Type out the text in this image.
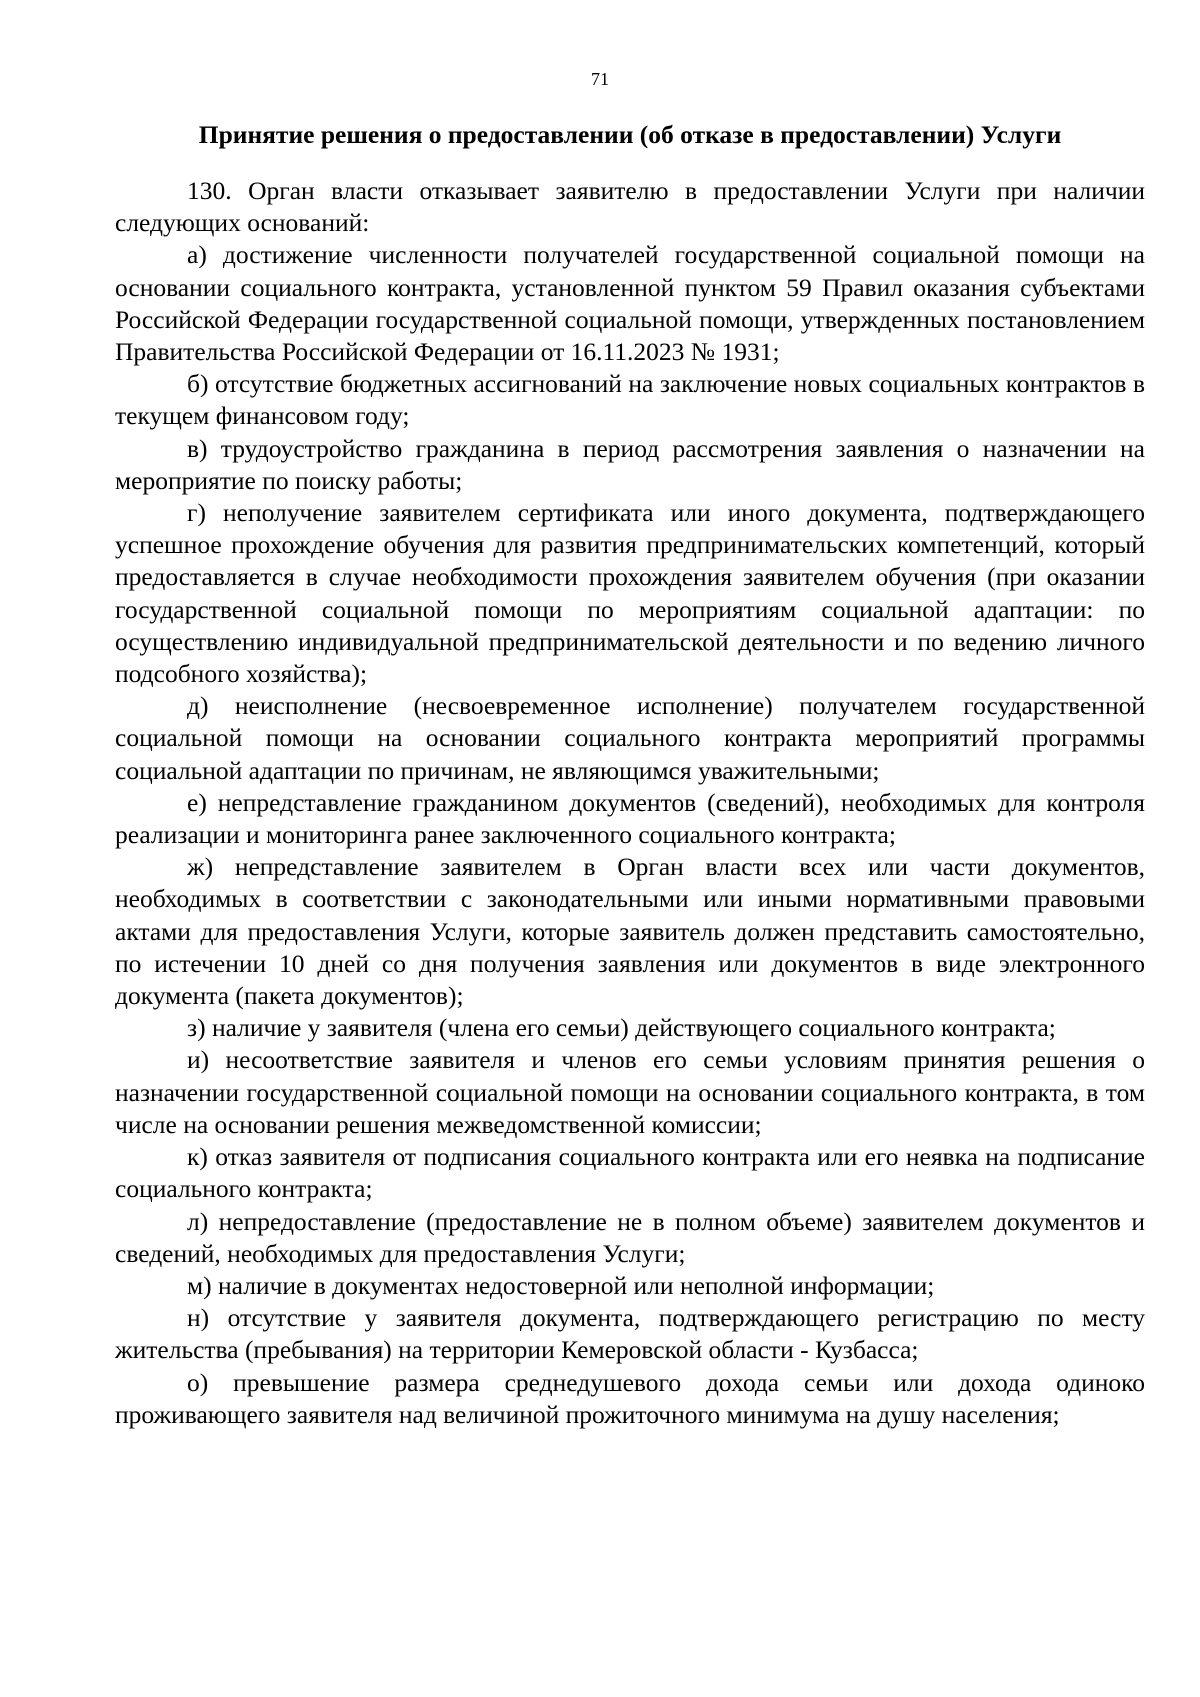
71
Принятие решения о предоставлении (об отказе в предоставлении) Услуги

130. Орган власти отказывает заявителю в предоставлении Услуги при наличии следующих оснований:

а) достижение численности получателей государственной социальной помощи на основании социального контракта, установленной пунктом 59 Правил оказания субъектами Российской Федерации государственной социальной помощи, утвержденных постановлением Правительства Российской Федерации от 16.11.2023 № 1931;

б) отсутствие бюджетных ассигнований на заключение новых социальных контрактов в текущем финансовом году;

в) трудоустройство гражданина в период рассмотрения заявления о назначении на мероприятие по поиску работы;

г) неполучение заявителем сертификата или иного документа, подтверждающего успешное прохождение обучения для развития предпринимательских компетенций, который предоставляется в случае необходимости прохождения заявителем обучения (при оказании государственной социальной помощи по мероприятиям социальной адаптации: по осуществлению индивидуальной предпринимательской деятельности и по ведению личного подсобного хозяйства);

д) неисполнение (несвоевременное исполнение) получателем государственной социальной помощи на основании социального контракта мероприятий программы социальной адаптации по причинам, не являющимся уважительными;

е) непредставление гражданином документов (сведений), необходимых для контроля реализации и мониторинга ранее заключенного социального контракта;

ж) непредставление заявителем в Орган власти всех или части документов, необходимых в соответствии с законодательными или иными нормативными правовыми актами для предоставления Услуги, которые заявитель должен представить самостоятельно, по истечении 10 дней со дня получения заявления или документов в виде электронного документа (пакета документов);

з) наличие у заявителя (члена его семьи) действующего социального контракта;

и) несоответствие заявителя и членов его семьи условиям принятия решения о назначении государственной социальной помощи на основании социального контракта, в том числе на основании решения межведомственной комиссии;

к) отказ заявителя от подписания социального контракта или его неявка на подписание социального контракта;

л) непредоставление (предоставление не в полном объеме) заявителем документов и сведений, необходимых для предоставления Услуги;

м) наличие в документах недостоверной или неполной информации;

н) отсутствие у заявителя документа, подтверждающего регистрацию по месту жительства (пребывания) на территории Кемеровской области - Кузбасса;

о) превышение размера среднедушевого дохода семьи или дохода одиноко проживающего заявителя над величиной прожиточного минимума на душу населения;
